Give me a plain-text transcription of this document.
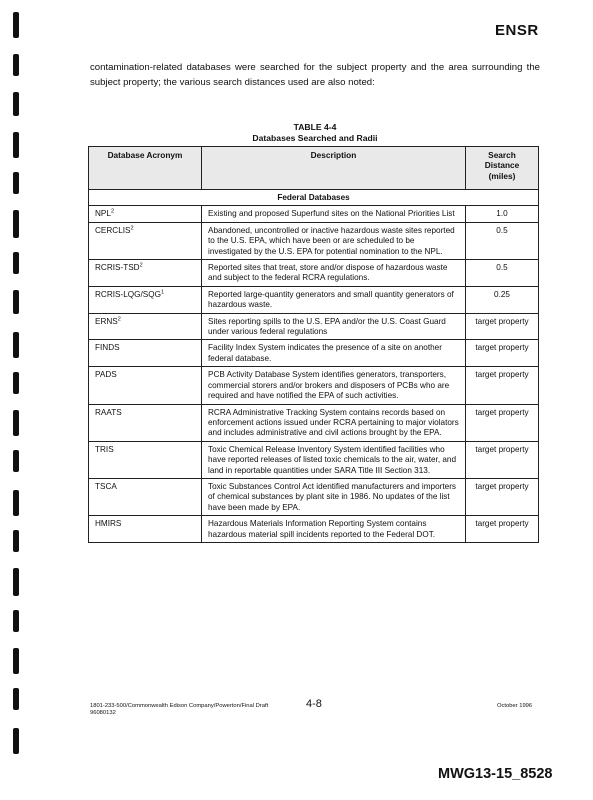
ENSR

contamination-related databases were searched for the subject property and the area surrounding the subject property; the various search distances used are also noted:

TABLE 4-4
Databases Searched and Radii
Database Acronym	Description	Search Distance (miles)
Federal Databases		
NPL$^2$	Existing and proposed Superfund sites on the National Priorities List	1.0
CERCLIS$^2$	Abandoned, uncontrolled or inactive hazardous waste sites reported to the U.S. EPA, which have been or are scheduled to be investigated by the U.S. EPA for potential nomination to the NPL.	0.5
RCRIS-TSD$^2$	Reported sites that treat, store and/or dispose of hazardous waste and subject to the federal RCRA regulations.	0.5
RCRIS-LQG/SQG$^1$	Reported large-quantity generators and small quantity generators of hazardous waste.	0.25
ERNS$^2$	Sites reporting spills to the U.S. EPA and/or the U.S. Coast Guard under various federal regulations	target property
FINDS	Facility Index System indicates the presence of a site on another federal database.	target property
PADS	PCB Activity Database System identifies generators, transporters, commercial storers and/or brokers and disposers of PCBs who are required and have notified the EPA of such activities.	target property
RAATS	RCRA Administrative Tracking System contains records based on enforcement actions issued under RCRA pertaining to major violators and includes administrative and civil actions brought by the EPA.	target property
TRIS	Toxic Chemical Release Inventory System identified facilities who have reported releases of listed toxic chemicals to the air, water, and land in reportable quantities under SARA Title III Section 313.	target property
TSCA	Toxic Substances Control Act identified manufacturers and importers of chemical substances by plant site in 1986. No updates of the list have been made by EPA.	target property
HMIRS	Hazardous Materials Information Reporting System contains hazardous material spill incidents reported to the Federal DOT.	target property
1801-233-500/Commonwealth Edison Company/Powerton/Final Draft
96080132
4-8	October 1996
MWG13-15_8528
